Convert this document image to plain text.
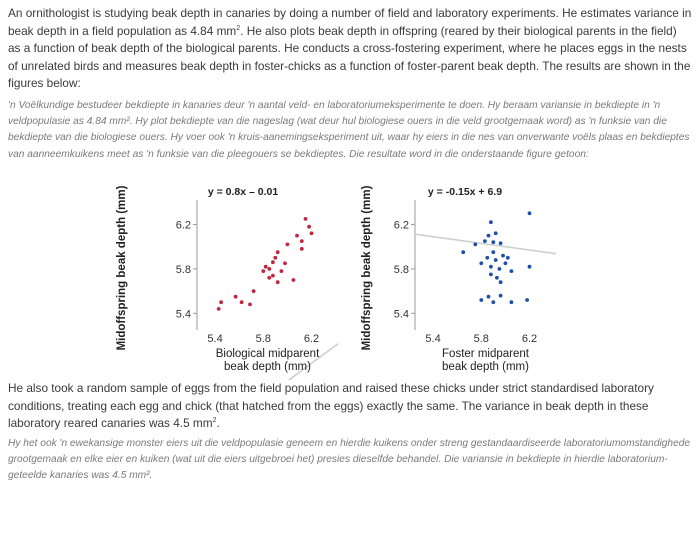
An ornithologist is studying beak depth in canaries by doing a number of field and laboratory experiments. He estimates variance in beak depth in a field population as 4.84 $mm^2$. He also plots beak depth in offspring (reared by their biological parents in the field) as a function of beak depth of the biological parents. He conducts a cross-fostering experiment, where he places eggs in the nests of unrelated birds and measures beak depth in foster-chicks as a function of foster-parent beak depth. The results are shown in the figures below:
'n Voëlkundige bestudeer bekdiepte in kanaries deur 'n aantal veld- en laboratoriumeksperimente te doen. Hy beraam variansie in bekdiepte in 'n veldpopulasie as 4.84 mm². Hy plot bekdiepte van die nageslag (wat deur hul biologiese ouers in die veld grootgemaak word) as 'n funksie van die bekdiepte van die biologiese ouers. Hy voer ook 'n kruis-aanemingseksperiment uit, waar hy eiers in die nes van onverwante voëls plaas en bekdieptes van aanneemkuikens meet as 'n funksie van die pleegouers se bekdieptes. Die resultate word in die onderstaande figure getoon:
5.4
5.8
6.2
y = 0.8x – 0.01
5.4	5.8	6.2
Biological midparent
beak depth (mm)
Midoffspring beak depth (mm)	5.4
5.8
6.2
y = -0.15x + 6.9
5.4	5.8	6.2
Foster midparent
beak depth (mm)
Midoffspring beak depth (mm)
He also took a random sample of eggs from the field population and raised these chicks under strict standardised laboratory conditions, treating each egg and chick (that hatched from the eggs) exactly the same. The variance in beak depth in these laboratory reared canaries was 4.5 $mm^2$.
Hy het ook 'n ewekansige monster eiers uit die veldpopulasie geneem en hierdie kuikens onder streng gestandaardiseerde laboratoriumomstandighede grootgemaak en elke eier en kuiken (wat uit die eiers uitgebroei het) presies dieselfde behandel. Die variansie in bekdiepte in hierdie laboratorium-geteelde kanaries was 4.5 mm².
